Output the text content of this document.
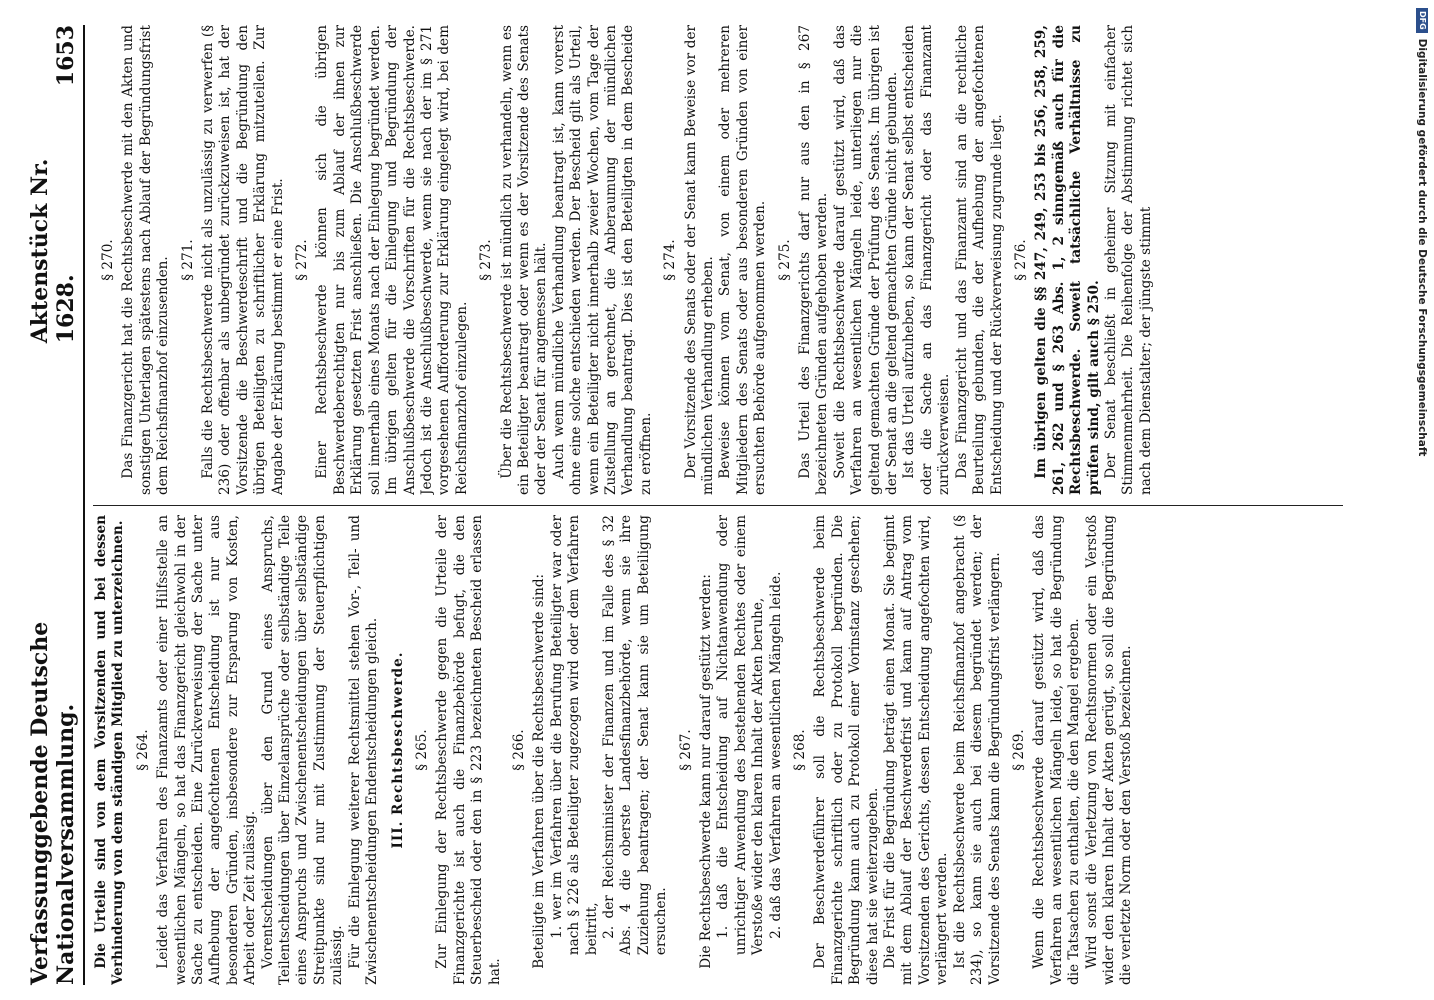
Verfassunggebende Deutsche Nationalversammlung.
Aktenstück Nr. 1628.
1653

Die Urteile sind von dem Vorsitzenden und bei dessen Verhinderung von dem ständigen Mitglied zu unterzeichnen. § 264. Leidet das Verfahren des Finanzamts oder einer Hilfsstelle an wesentlichen Mängeln, so hat das Finanzgericht gleichwohl in der Sache zu entscheiden. Eine Zurückverweisung der Sache unter Aufhebung der angefochtenen Entscheidung ist nur aus besonderen Gründen, insbesondere zur Ersparung von Kosten, Arbeit oder Zeit zulässig. Vorentscheidungen über den Grund eines Anspruchs, Teilentscheidungen über Einzelansprüche oder selbständige Teile eines Anspruchs und Zwischenentscheidungen über selbständige Streitpunkte sind nur mit Zustimmung der Steuerpflichtigen zulässig. Für die Einlegung weiterer Rechtsmittel stehen Vor-, Teil- und Zwischenentscheidungen Endentscheidungen gleich. III. Rechtsbeschwerde. § 265. Zur Einlegung der Rechtsbeschwerde gegen die Urteile der Finanzgerichte ist auch die Finanzbehörde befugt, die den Steuerbescheid oder den in § 223 bezeichneten Bescheid erlassen hat.

§ 266. Beteiligte im Verfahren über die Rechtsbeschwerde sind: 1. wer im Verfahren über die Berufung Beteiligter war oder nach § 226 als Beteiligter zugezogen wird oder dem Verfahren beitritt, 2. der Reichsminister der Finanzen und im Falle des § 32 Abs. 4 die oberste Landesfinanzbehörde, wenn sie ihre Zuziehung beantragen; der Senat kann sie um Beteiligung ersuchen.

§ 267. Die Rechtsbeschwerde kann nur darauf gestützt werden: 1. daß die Entscheidung auf Nichtanwendung oder unrichtiger Anwendung des bestehenden Rechtes oder einem Verstoße wider den klaren Inhalt der Akten beruhe, 2. daß das Verfahren an wesentlichen Mängeln leide. § 268. Der Beschwerdeführer soll die Rechtsbeschwerde beim Finanzgerichte schriftlich oder zu Protokoll begründen. Die Begründung kann auch zu Protokoll einer Vorinstanz geschehen; diese hat sie weiterzugeben. Die Frist für die Begründung beträgt einen Monat. Sie beginnt mit dem Ablauf der Beschwerdefrist und kann auf Antrag vom Vorsitzenden des Gerichts, dessen Entscheidung angefochten wird, verlängert werden. Ist die Rechtsbeschwerde beim Reichsfinanzhof angebracht (§ 234), so kann sie auch bei diesem begründet werden; der Vorsitzende des Senats kann die Begründungsfrist verlängern. § 269. Wenn die Rechtsbeschwerde darauf gestützt wird, daß das Verfahren an wesentlichen Mängeln leide, so hat die Begründung die Tatsachen zu enthalten, die den Mangel ergeben. Wird sonst die Verletzung von Rechtsnormen oder ein Verstoß wider den klaren Inhalt der Akten gerügt, so soll die Begründung die verletzte Norm oder den Verstoß bezeichnen.

§ 270. Das Finanzgericht hat die Rechtsbeschwerde mit den Akten und sonstigen Unterlagen spätestens nach Ablauf der Begründungsfrist dem Reichsfinanzhof einzusenden. § 271. Falls die Rechtsbeschwerde nicht als unzulässig zu verwerfen (§ 236) oder offenbar als unbegründet zurückzuweisen ist, hat der Vorsitzende die Beschwerdeschrift und die Begründung den übrigen Beteiligten zu schriftlicher Erklärung mitzuteilen. Zur Angabe der Erklärung bestimmt er eine Frist. § 272. Einer Rechtsbeschwerde können sich die übrigen Beschwerdeberechtigten nur bis zum Ablauf der ihnen zur Erklärung gesetzten Frist anschließen. Die Anschlußbeschwerde soll innerhalb eines Monats nach der Einlegung begründet werden. Im übrigen gelten für die Einlegung und Begründung der Anschlußbeschwerde die Vorschriften für die Rechtsbeschwerde. Jedoch ist die Anschlußbeschwerde, wenn sie nach der im § 271 vorgesehenen Aufforderung zur Erklärung eingelegt wird, bei dem Reichsfinanzhof einzulegen.

§ 273. Über die Rechtsbeschwerde ist mündlich zu verhandeln, wenn es ein Beteiligter beantragt oder wenn es der Vorsitzende des Senats oder der Senat für angemessen hält. Auch wenn mündliche Verhandlung beantragt ist, kann vorerst ohne eine solche entschieden werden. Der Bescheid gilt als Urteil, wenn ein Beteiligter nicht innerhalb zweier Wochen, vom Tage der Zustellung an gerechnet, die Anberaumung der mündlichen Verhandlung beantragt. Dies ist den Beteiligten in dem Bescheide zu eröffnen.

§ 274. Der Vorsitzende des Senats oder der Senat kann Beweise vor der mündlichen Verhandlung erheben. Beweise können vom Senat, von einem oder mehreren Mitgliedern des Senats oder aus besonderen Gründen von einer ersuchten Behörde aufgenommen werden. § 275. Das Urteil des Finanzgerichts darf nur aus den in § 267 bezeichneten Gründen aufgehoben werden. Soweit die Rechtsbeschwerde darauf gestützt wird, daß das Verfahren an wesentlichen Mängeln leide, unterliegen nur die geltend gemachten Gründe der Prüfung des Senats. Im übrigen ist der Senat an die geltend gemachten Gründe nicht gebunden. Ist das Urteil aufzuheben, so kann der Senat selbst entscheiden oder die Sache an das Finanzgericht oder das Finanzamt zurückverweisen. Das Finanzgericht und das Finanzamt sind an die rechtliche Beurteilung gebunden, die der Aufhebung der angefochtenen Entscheidung und der Rückverweisung zugrunde liegt. § 276. Im übrigen gelten die §§ 247, 249, 253 bis 256, 258, 259, 261, 262 und § 263 Abs. 1, 2 sinngemäß auch für die Rechtsbeschwerde. Soweit tatsächliche Verhältnisse zu prüfen sind, gilt auch § 250. Der Senat beschließt in geheimer Sitzung mit einfacher Stimmenmehrheit. Die Reihenfolge der Abstimmung richtet sich nach dem Dienstalter; der jüngste stimmt

DFG
Digitalisierung gefördert durch die Deutsche Forschungsgemeinschaft
